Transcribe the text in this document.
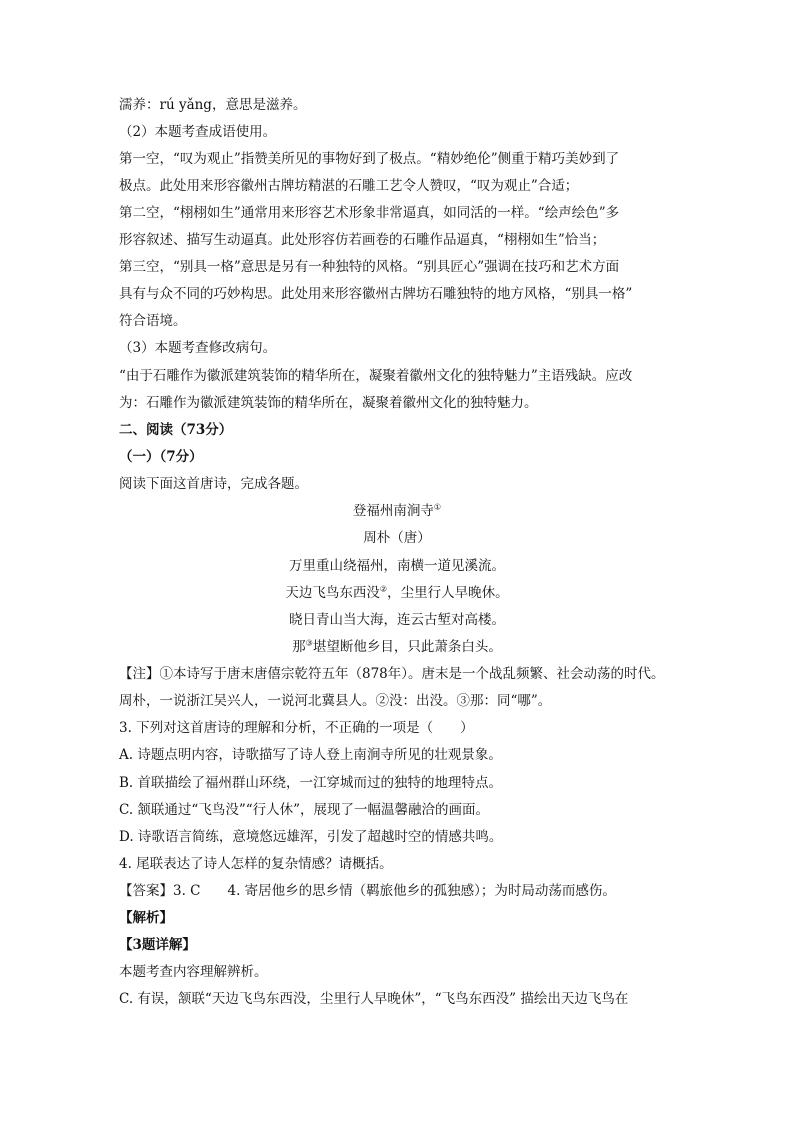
濡养：rú yǎng，意思是滋养。
（2）本题考查成语使用。
第一空，“叹为观止”指赞美所见的事物好到了极点。“精妙绝伦”侧重于精巧美妙到了
极点。此处用来形容徽州古牌坊精湛的石雕工艺令人赞叹，“叹为观止”合适；
第二空，“栩栩如生”通常用来形容艺术形象非常逼真，如同活的一样。“绘声绘色”多
形容叙述、描写生动逼真。此处形容仿若画卷的石雕作品逼真，“栩栩如生”恰当；
第三空，“别具一格”意思是另有一种独特的风格。“别具匠心”强调在技巧和艺术方面
具有与众不同的巧妙构思。此处用来形容徽州古牌坊石雕独特的地方风格，“别具一格”
符合语境。
（3）本题考查修改病句。
“由于石雕作为徽派建筑装饰的精华所在，凝聚着徽州文化的独特魅力”主语残缺。应改
为：石雕作为徽派建筑装饰的精华所在，凝聚着徽州文化的独特魅力。
二、阅读（73分）
（一）（7分）
阅读下面这首唐诗，完成各题。
登福州南涧寺①
周朴（唐）
万里重山绕福州，南横一道见溪流。
天边飞鸟东西没②，尘里行人早晚休。
晓日青山当大海，连云古堑对高楼。
那③堪望断他乡目，只此萧条白头。
【注】①本诗写于唐末唐僖宗乾符五年（878年）。唐末是一个战乱频繁、社会动荡的时代。
周朴，一说浙江吴兴人，一说河北冀县人。②没：出没。③那：同“哪”。
3. 下列对这首唐诗的理解和分析，不正确的一项是（　　）
A. 诗题点明内容，诗歌描写了诗人登上南涧寺所见的壮观景象。
B. 首联描绘了福州群山环绕，一江穿城而过的独特的地理特点。
C. 颔联通过“飞鸟没”“行人休”，展现了一幅温馨融洽的画面。
D. 诗歌语言简练，意境悠远雄浑，引发了超越时空的情感共鸣。
4. 尾联表达了诗人怎样的复杂情感？请概括。
【答案】3. C 4. 寄居他乡的思乡情（羁旅他乡的孤独感）；为时局动荡而感伤。
【解析】
【3题详解】
本题考查内容理解辨析。
C. 有误，颔联“天边飞鸟东西没，尘里行人早晚休”，“飞鸟东西没” 描绘出天边飞鸟在
